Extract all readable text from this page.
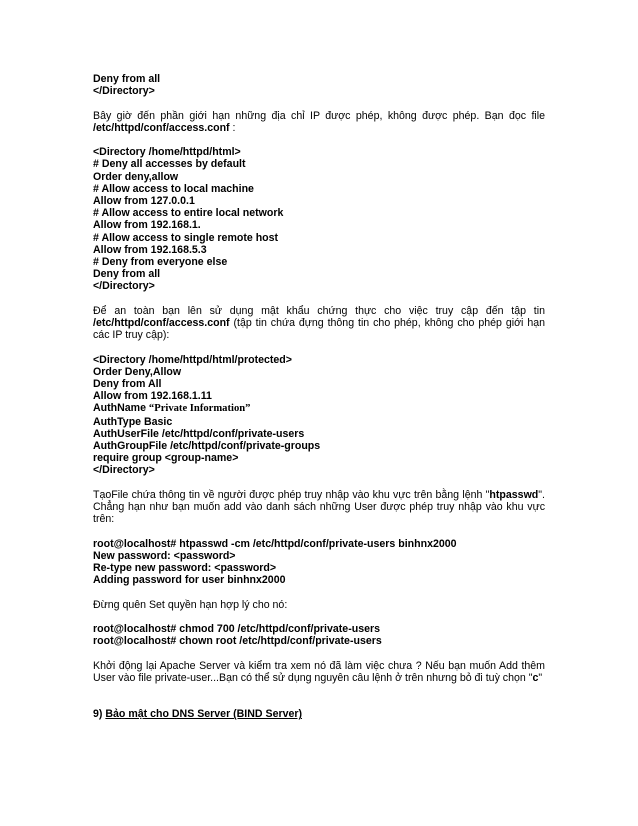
Deny from all
</Directory>
Bây giờ đến phần giới hạn những địa chỉ IP được phép, không được phép. Bạn đọc file /etc/httpd/conf/access.conf :
<Directory /home/httpd/html>
# Deny all accesses by default
Order deny,allow
# Allow access to local machine
Allow from 127.0.0.1
# Allow access to entire local network
Allow from 192.168.1.
# Allow access to single remote host
Allow from 192.168.5.3
# Deny from everyone else
Deny from all
</Directory>
Để an toàn bạn lên sử dụng mật khẩu chứng thực cho việc truy cập đến tập tin /etc/httpd/conf/access.conf (tập tin chứa đựng thông tin cho phép, không cho phép giới hạn các IP truy cập):
<Directory /home/httpd/html/protected>
Order Deny,Allow
Deny from All
Allow from 192.168.1.11
AuthName “Private Information”
AuthType Basic
AuthUserFile /etc/httpd/conf/private-users
AuthGroupFile /etc/httpd/conf/private-groups
require group <group-name>
</Directory>
TạoFile chứa thông tin về người được phép truy nhập vào khu vực trên bằng lệnh "htpasswd". Chẳng hạn như bạn muốn add vào danh sách những User được phép truy nhập vào khu vực trên:
root@localhost# htpasswd -cm /etc/httpd/conf/private-users binhnx2000
New password: <password>
Re-type new password: <password>
Adding password for user binhnx2000
Đừng quên Set quyền hạn hợp lý cho nó:
root@localhost# chmod 700 /etc/httpd/conf/private-users
root@localhost# chown root /etc/httpd/conf/private-users
Khởi động lại Apache Server và kiểm tra xem nó đã làm việc chưa ? Nếu bạn muốn Add thêm User vào file private-user...Bạn có thể sử dụng nguyên câu lệnh ở trên nhưng bỏ đi tuỳ chọn "c"
9) Bảo mật cho DNS Server (BIND Server)
